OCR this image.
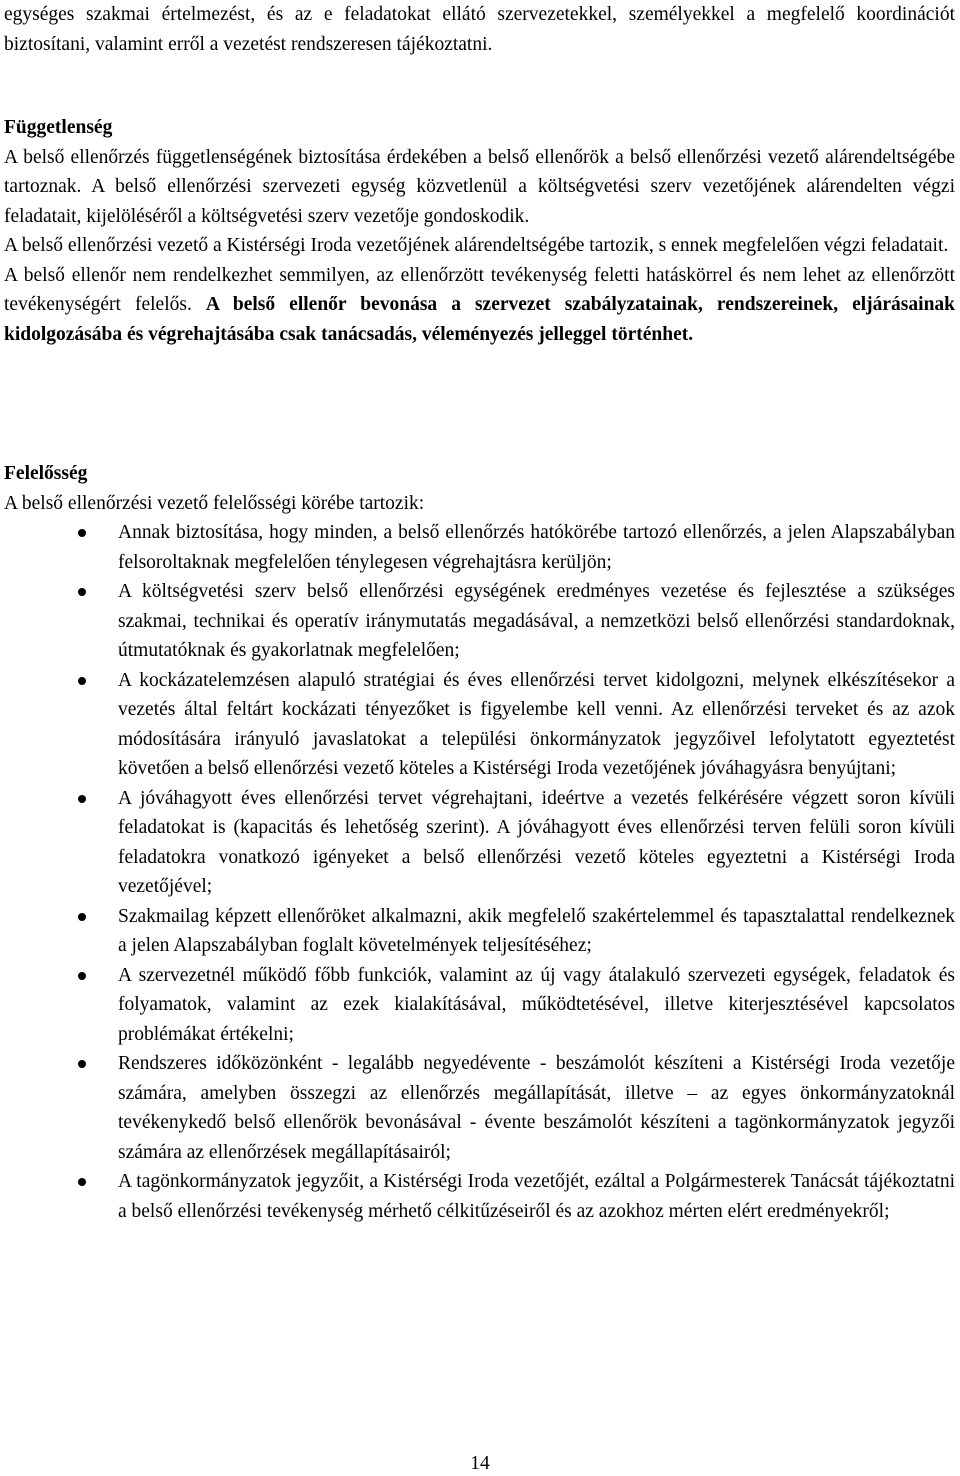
egységes szakmai értelmezést, és az e feladatokat ellátó szervezetekkel, személyekkel a megfelelő koordinációt biztosítani, valamint erről a vezetést rendszeresen tájékoztatni.

Függetlenség

A belső ellenőrzés függetlenségének biztosítása érdekében a belső ellenőrök a belső ellenőrzési vezető alárendeltségébe tartoznak. A belső ellenőrzési szervezeti egység közvetlenül a költségvetési szerv vezetőjének alárendelten végzi feladatait, kijelöléséről a költségvetési szerv vezetője gondoskodik.

A belső ellenőrzési vezető a Kistérségi Iroda vezetőjének alárendeltségébe tartozik, s ennek megfelelően végzi feladatait.

A belső ellenőr nem rendelkezhet semmilyen, az ellenőrzött tevékenység feletti hatáskörrel és nem lehet az ellenőrzött tevékenységért felelős. A belső ellenőr bevonása a szervezet szabályzatainak, rendszereinek, eljárásainak kidolgozásába és végrehajtásába csak tanácsadás, véleményezés jelleggel történhet.

Felelősség

A belső ellenőrzési vezető felelősségi körébe tartozik:

Annak biztosítása, hogy minden, a belső ellenőrzés hatókörébe tartozó ellenőrzés, a jelen Alapszabályban felsoroltaknak megfelelően ténylegesen végrehajtásra kerüljön;
A költségvetési szerv belső ellenőrzési egységének eredményes vezetése és fejlesztése a szükséges szakmai, technikai és operatív iránymutatás megadásával, a nemzetközi belső ellenőrzési standardoknak, útmutatóknak és gyakorlatnak megfelelően;
A kockázatelemzésen alapuló stratégiai és éves ellenőrzési tervet kidolgozni, melynek elkészítésekor a vezetés által feltárt kockázati tényezőket is figyelembe kell venni. Az ellenőrzési terveket és az azok módosítására irányuló javaslatokat a települési önkormányzatok jegyzőivel lefolytatott egyeztetést követően a belső ellenőrzési vezető köteles a Kistérségi Iroda vezetőjének jóváhagyásra benyújtani;
A jóváhagyott éves ellenőrzési tervet végrehajtani, ideértve a vezetés felkérésére végzett soron kívüli feladatokat is (kapacitás és lehetőség szerint). A jóváhagyott éves ellenőrzési terven felüli soron kívüli feladatokra vonatkozó igényeket a belső ellenőrzési vezető köteles egyeztetni a Kistérségi Iroda vezetőjével;
Szakmailag képzett ellenőröket alkalmazni, akik megfelelő szakértelemmel és tapasztalattal rendelkeznek a jelen Alapszabályban foglalt követelmények teljesítéséhez;
A szervezetnél működő főbb funkciók, valamint az új vagy átalakuló szervezeti egységek, feladatok és folyamatok, valamint az ezek kialakításával, működtetésével, illetve kiterjesztésével kapcsolatos problémákat értékelni;
Rendszeres időközönként - legalább negyedévente - beszámolót készíteni a Kistérségi Iroda vezetője számára, amelyben összegzi az ellenőrzés megállapítását, illetve – az egyes önkormányzatoknál tevékenykedő belső ellenőrök bevonásával - évente beszámolót készíteni a tagönkormányzatok jegyzői számára az ellenőrzések megállapításairól;
A tagönkormányzatok jegyzőit, a Kistérségi Iroda vezetőjét, ezáltal a Polgármesterek Tanácsát tájékoztatni a belső ellenőrzési tevékenység mérhető célkitűzéseiről és az azokhoz mérten elért eredményekről;
14
